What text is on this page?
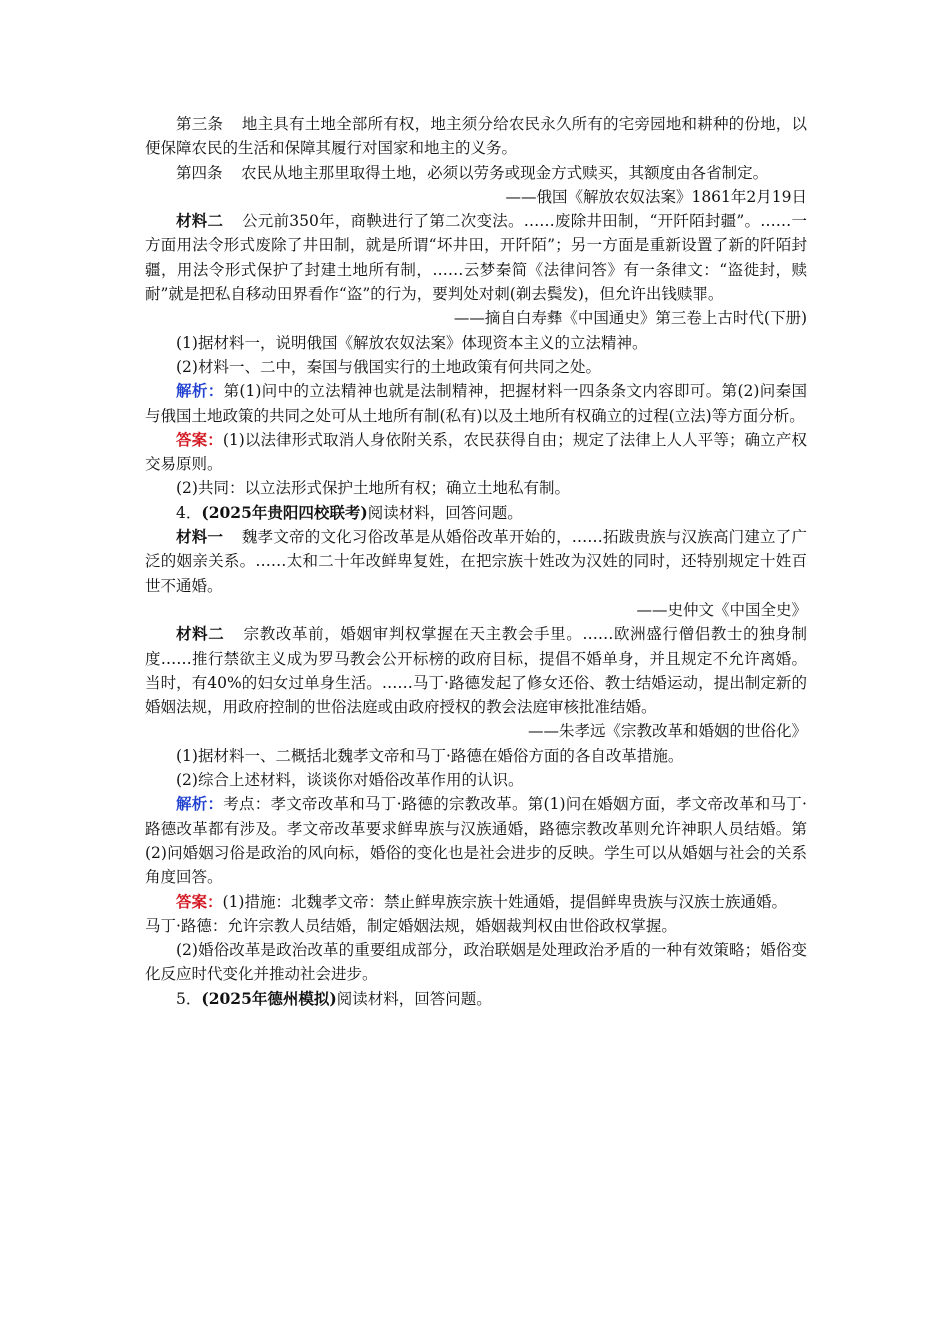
第三条 地主具有土地全部所有权，地主须分给农民永久所有的宅旁园地和耕种的份地，以便保障农民的生活和保障其履行对国家和地主的义务。

第四条 农民从地主那里取得土地，必须以劳务或现金方式赎买，其额度由各省制定。

——俄国《解放农奴法案》1861年2月19日

材料二 公元前350年，商鞅进行了第二次变法。……废除井田制，“开阡陌封疆”。……一方面用法令形式废除了井田制，就是所谓“坏井田，开阡陌”；另一方面是重新设置了新的阡陌封疆，用法令形式保护了封建土地所有制，……云梦秦简《法律问答》有一条律文：“盗徙封，赎耐”就是把私自移动田界看作“盗”的行为，要判处对刺(剃去鬓发)，但允许出钱赎罪。

——摘自白寿彝《中国通史》第三卷上古时代(下册)

(1)据材料一，说明俄国《解放农奴法案》体现资本主义的立法精神。

(2)材料一、二中，秦国与俄国实行的土地政策有何共同之处。

解析：第(1)问中的立法精神也就是法制精神，把握材料一四条条文内容即可。第(2)问秦国与俄国土地政策的共同之处可从土地所有制(私有)以及土地所有权确立的过程(立法)等方面分析。

答案：(1)以法律形式取消人身依附关系，农民获得自由；规定了法律上人人平等；确立产权交易原则。

(2)共同：以立法形式保护土地所有权；确立土地私有制。

4．(2025年贵阳四校联考)阅读材料，回答问题。

材料一 魏孝文帝的文化习俗改革是从婚俗改革开始的，……拓跋贵族与汉族高门建立了广泛的姻亲关系。……太和二十年改鲜卑复姓，在把宗族十姓改为汉姓的同时，还特别规定十姓百世不通婚。

——史仲文《中国全史》

材料二 宗教改革前，婚姻审判权掌握在天主教会手里。……欧洲盛行僧侣教士的独身制度……推行禁欲主义成为罗马教会公开标榜的政府目标，提倡不婚单身，并且规定不允许离婚。当时，有40%的妇女过单身生活。……马丁·路德发起了修女还俗、教士结婚运动，提出制定新的婚姻法规，用政府控制的世俗法庭或由政府授权的教会法庭审核批准结婚。

——朱孝远《宗教改革和婚姻的世俗化》

(1)据材料一、二概括北魏孝文帝和马丁·路德在婚俗方面的各自改革措施。

(2)综合上述材料，谈谈你对婚俗改革作用的认识。

解析：考点：孝文帝改革和马丁·路德的宗教改革。第(1)问在婚姻方面，孝文帝改革和马丁·路德改革都有涉及。孝文帝改革要求鲜卑族与汉族通婚，路德宗教改革则允许神职人员结婚。第(2)问婚姻习俗是政治的风向标，婚俗的变化也是社会进步的反映。学生可以从婚姻与社会的关系角度回答。

答案：(1)措施：北魏孝文帝：禁止鲜卑族宗族十姓通婚，提倡鲜卑贵族与汉族士族通婚。

马丁·路德：允许宗教人员结婚，制定婚姻法规，婚姻裁判权由世俗政权掌握。

(2)婚俗改革是政治改革的重要组成部分，政治联姻是处理政治矛盾的一种有效策略；婚俗变化反应时代变化并推动社会进步。

5．(2025年德州模拟)阅读材料，回答问题。
